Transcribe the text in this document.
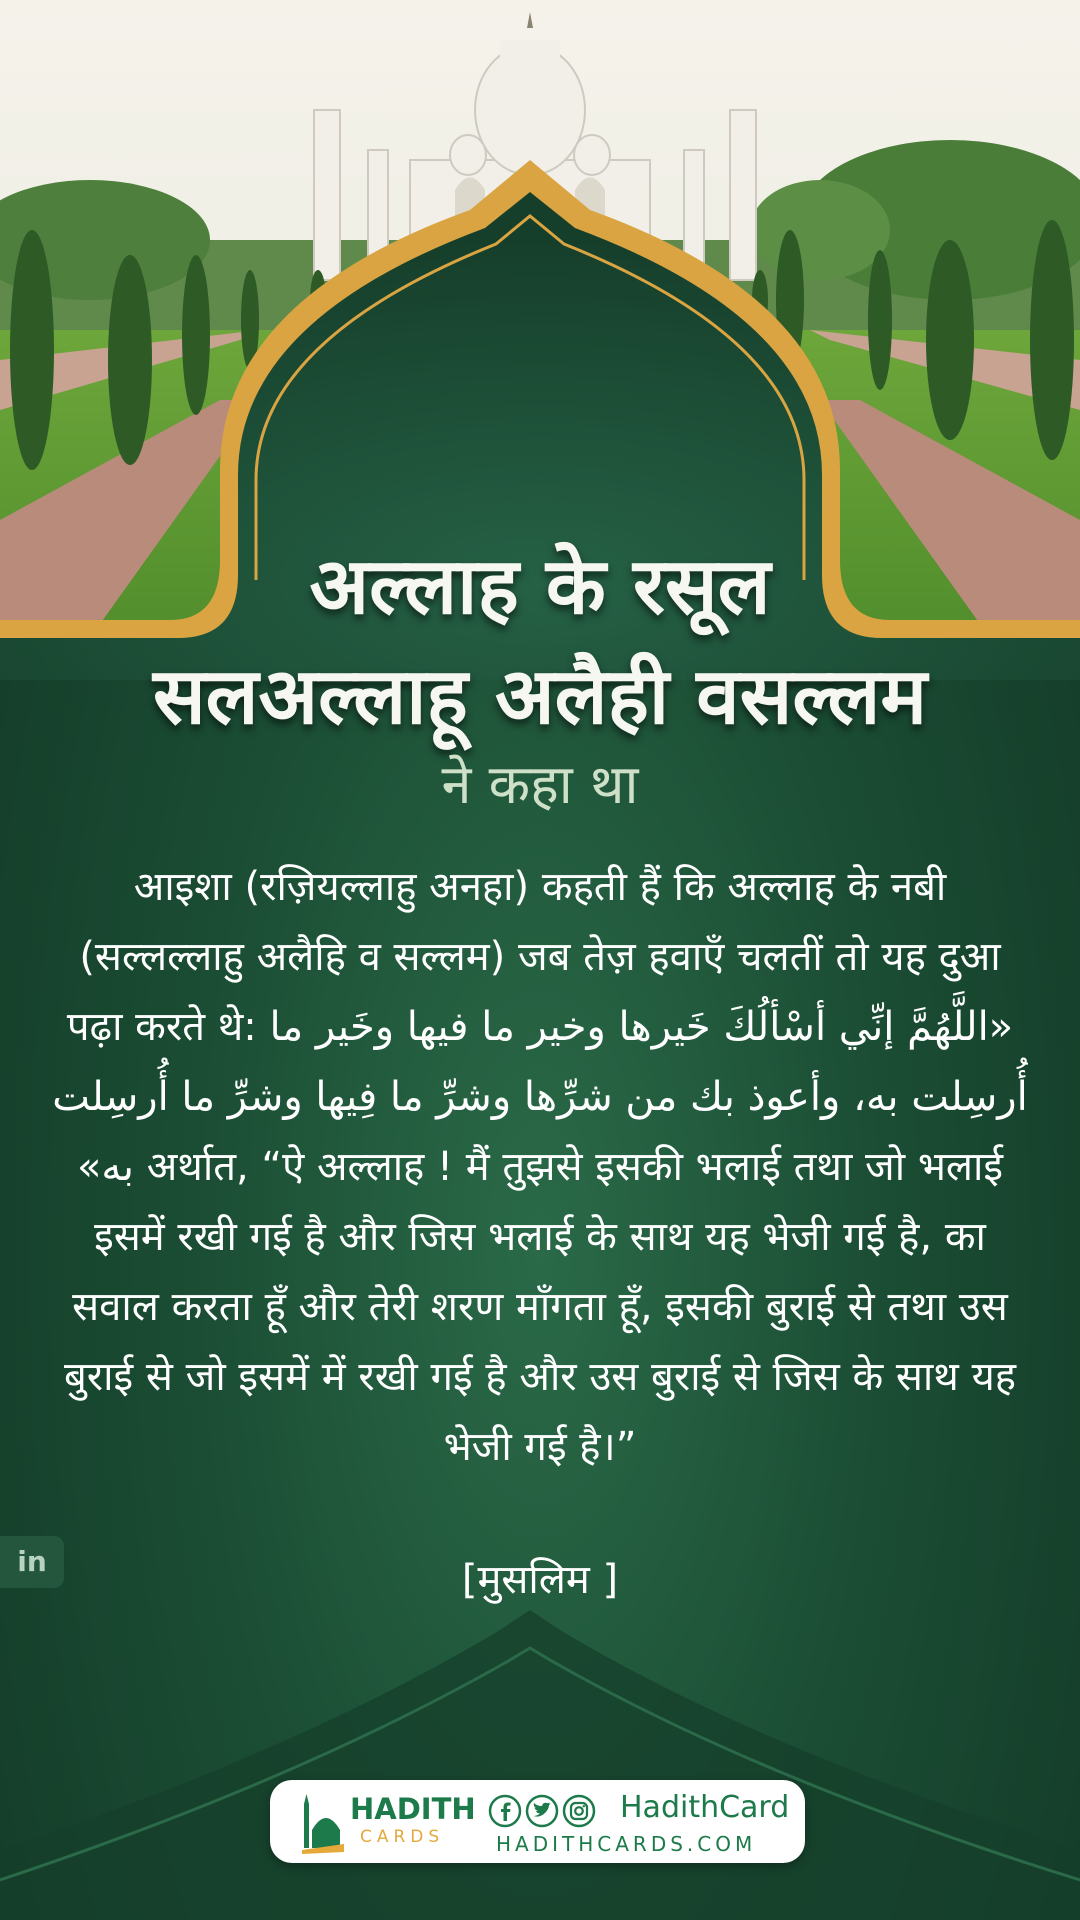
अल्लाह के रसूल
सलअल्लाहू अलैही वसल्लम
ने कहा था

आइशा (रज़ियल्लाहु अनहा) कहती हैं कि अल्लाह के नबी (सल्लल्लाहु अलैहि व सल्लम) जब तेज़ हवाएँ चलतीं तो यह दुआ पढ़ा करते थे: «اللَّهُمَّ إنِّي أسْألُكَ خَيرها وخير ما فيها وخَير ما أُرسِلت به، وأعوذ بك من شرِّها وشرِّ ما فِيها وشرِّ ما أُرسِلت به» अर्थात, “ऐ अल्लाह ! मैं तुझसे इसकी भलाई तथा जो भलाई इसमें रखी गई है और जिस भलाई के साथ यह भेजी गई है, का सवाल करता हूँ और तेरी शरण माँगता हूँ, इसकी बुराई से तथा उस बुराई से जो इसमें में रखी गई है और उस बुराई से जिस के साथ यह भेजी गई है।”

[मुसलिम ]
in
HADITH
CARDS
HadithCard
HADITHCARDS.COM
